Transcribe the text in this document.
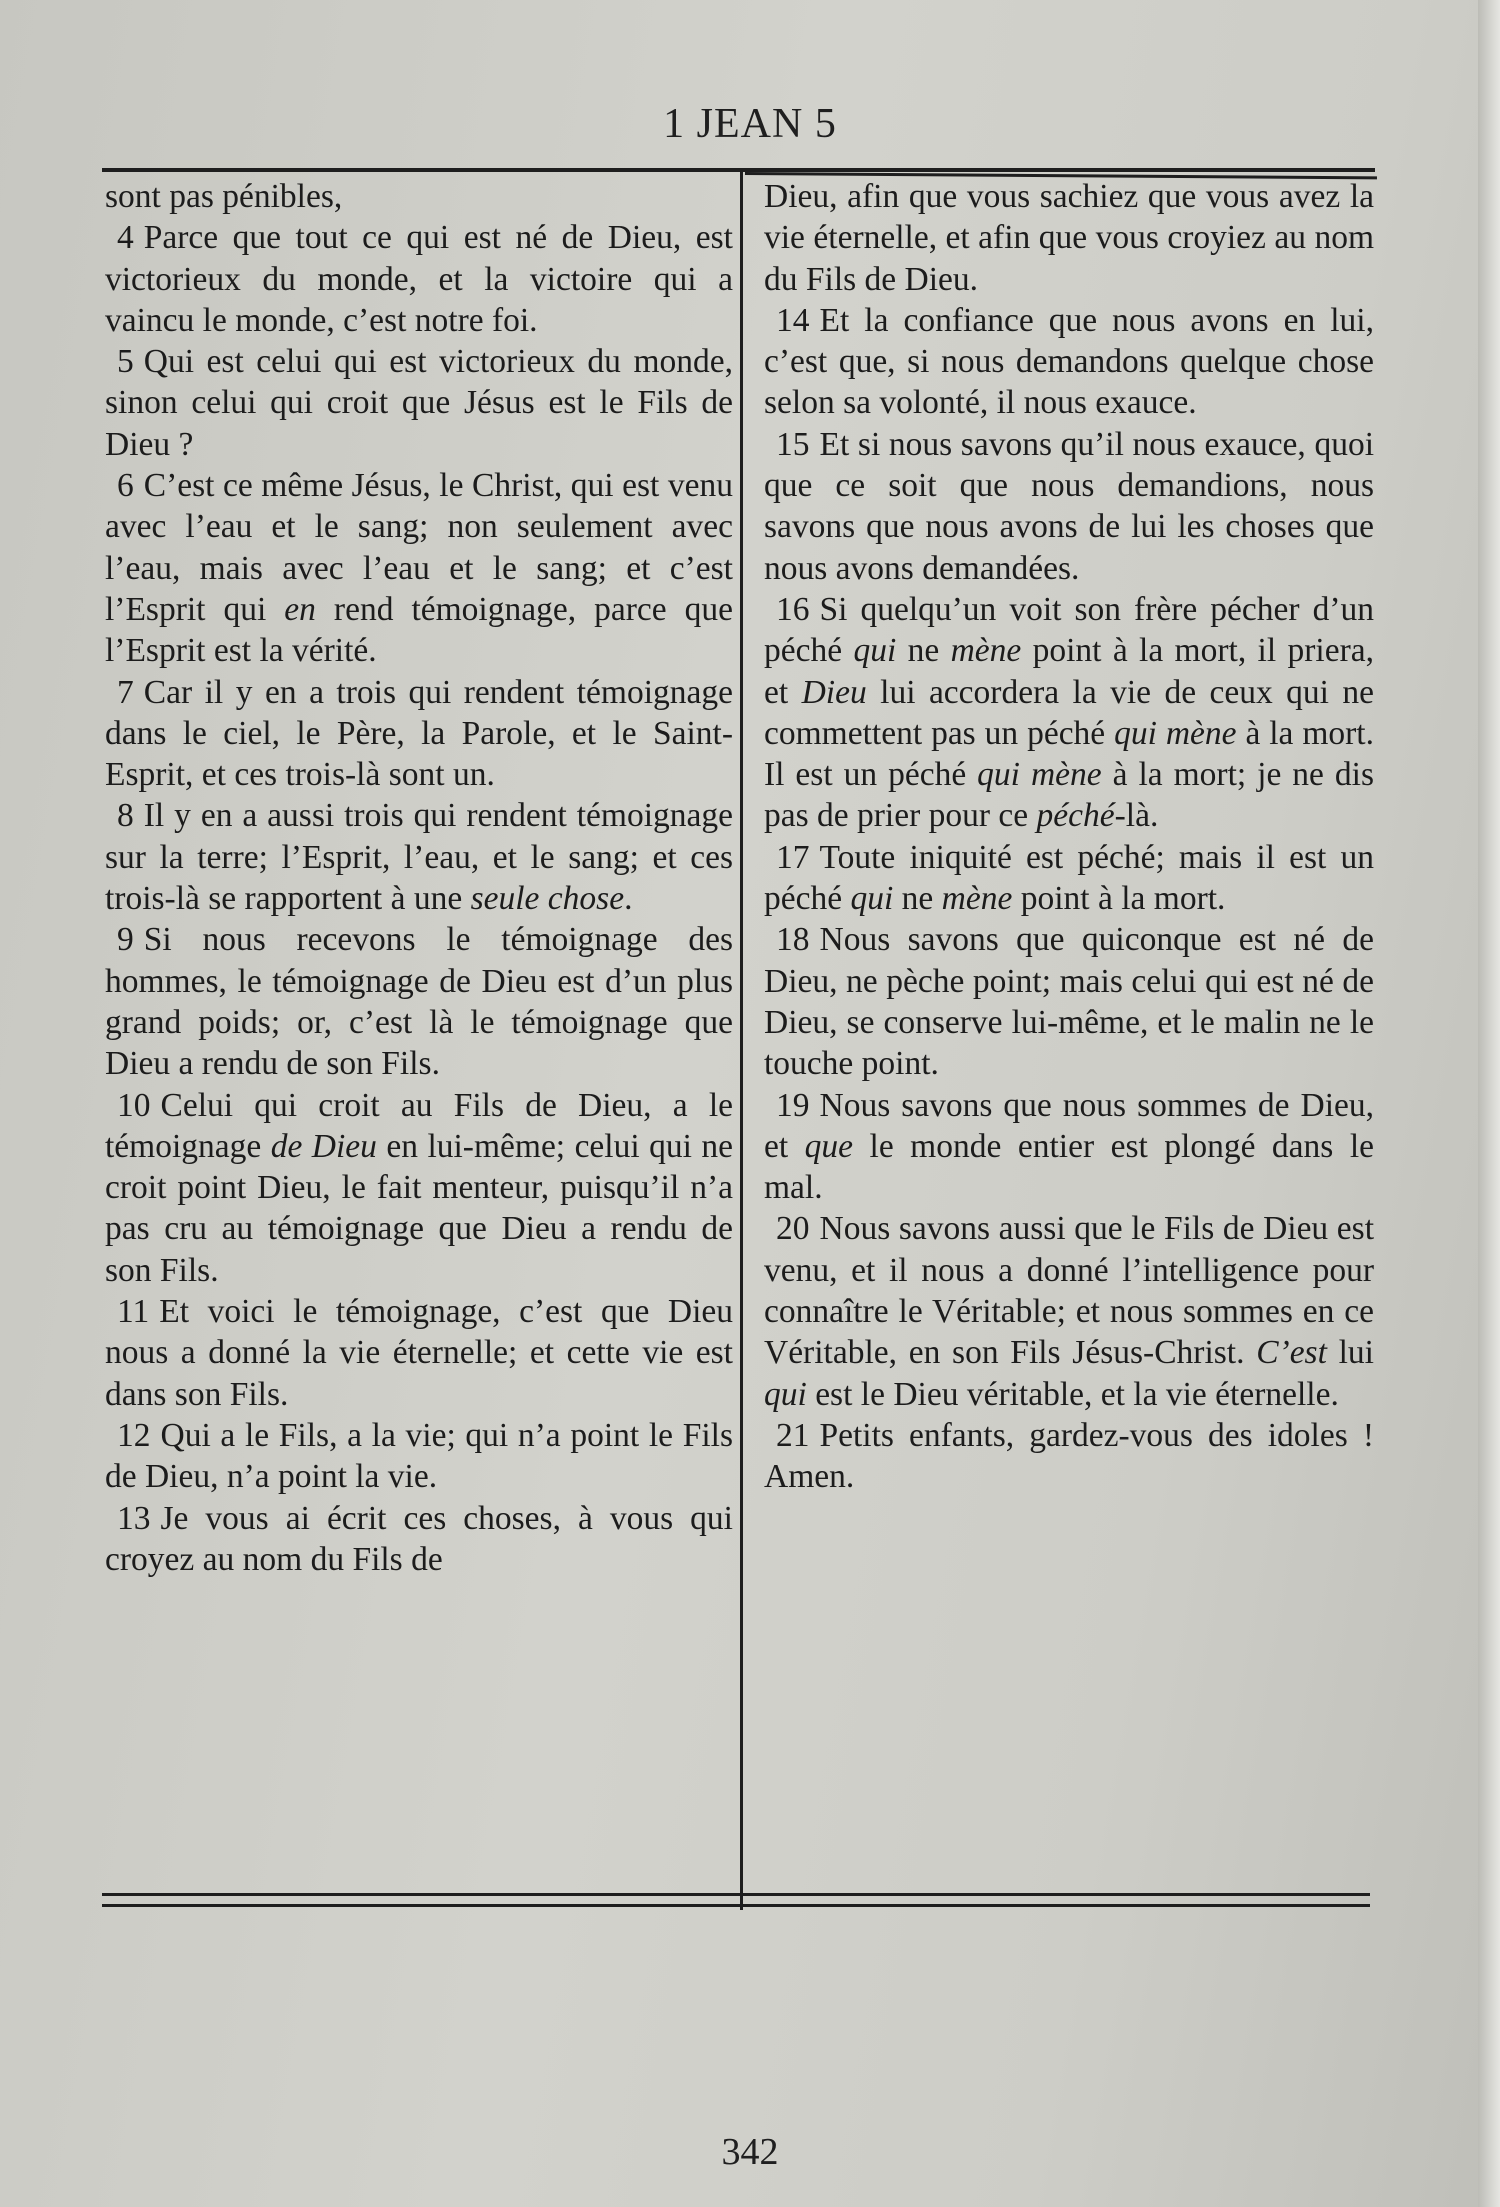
1 JEAN 5

sont pas pénibles,

4 Parce que tout ce qui est né de Dieu, est victorieux du monde, et la victoire qui a vaincu le monde, c’est notre foi.

5 Qui est celui qui est victorieux du monde, sinon celui qui croit que Jésus est le Fils de Dieu ?

6 C’est ce même Jésus, le Christ, qui est venu avec l’eau et le sang; non seulement avec l’eau, mais avec l’eau et le sang; et c’est l’Esprit qui en rend témoignage, parce que l’Esprit est la vérité.

7 Car il y en a trois qui rendent témoignage dans le ciel, le Père, la Parole, et le Saint-Esprit, et ces trois-là sont un.

8 Il y en a aussi trois qui rendent témoignage sur la terre; l’Esprit, l’eau, et le sang; et ces trois-là se rapportent à une seule chose.

9 Si nous recevons le témoignage des hommes, le témoignage de Dieu est d’un plus grand poids; or, c’est là le témoignage que Dieu a rendu de son Fils.

10 Celui qui croit au Fils de Dieu, a le témoignage de Dieu en lui-même; celui qui ne croit point Dieu, le fait menteur, puisqu’il n’a pas cru au témoignage que Dieu a rendu de son Fils.

11 Et voici le témoignage, c’est que Dieu nous a donné la vie éternelle; et cette vie est dans son Fils.

12 Qui a le Fils, a la vie; qui n’a point le Fils de Dieu, n’a point la vie.

13 Je vous ai écrit ces choses, à vous qui croyez au nom du Fils de

Dieu, afin que vous sachiez que vous avez la vie éternelle, et afin que vous croyiez au nom du Fils de Dieu.

14 Et la confiance que nous avons en lui, c’est que, si nous demandons quelque chose selon sa volonté, il nous exauce.

15 Et si nous savons qu’il nous exauce, quoi que ce soit que nous demandions, nous savons que nous avons de lui les choses que nous avons demandées.

16 Si quelqu’un voit son frère pécher d’un péché qui ne mène point à la mort, il priera, et Dieu lui accordera la vie de ceux qui ne commettent pas un péché qui mène à la mort. Il est un péché qui mène à la mort; je ne dis pas de prier pour ce péché-là.

17 Toute iniquité est péché; mais il est un péché qui ne mène point à la mort.

18 Nous savons que quiconque est né de Dieu, ne pèche point; mais celui qui est né de Dieu, se conserve lui-même, et le malin ne le touche point.

19 Nous savons que nous sommes de Dieu, et que le monde entier est plongé dans le mal.

20 Nous savons aussi que le Fils de Dieu est venu, et il nous a donné l’intelligence pour connaître le Véritable; et nous sommes en ce Véritable, en son Fils Jésus-Christ. C’est lui qui est le Dieu véritable, et la vie éternelle.

21 Petits enfants, gardez-vous des idoles ! Amen.

342
